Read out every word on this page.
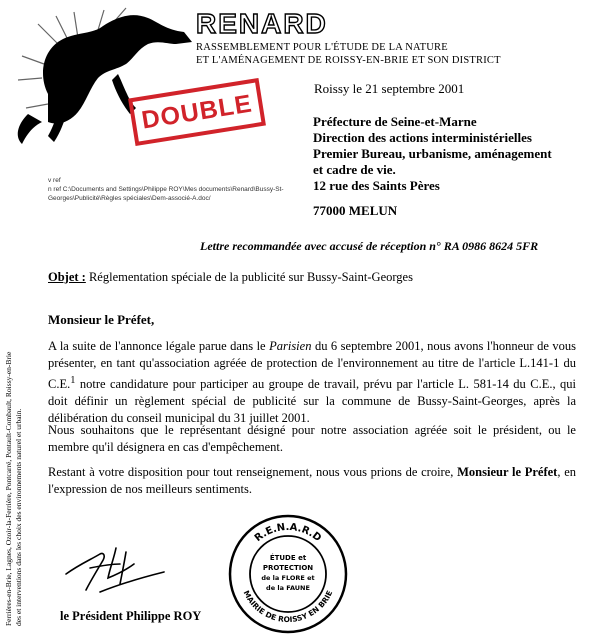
RENARD
RASSEMBLEMENT POUR L'ÉTUDE DE LA NATURE
ET L'AMÉNAGEMENT DE ROISSY-EN-BRIE ET SON DISTRICT
Roissy le 21 septembre 2001
DOUBLE	Préfecture de Seine-et-Marne
Direction des actions interministérielles
Premier Bureau, urbanisme, aménagement
et cadre de vie.
12 rue des Saints Pères
77000 MELUN
v ref
n ref C:\Documents and Settings\Philippe ROY\Mes documents\Renard\Bussy-St-
Georges\Publicité\Règles spéciales\Dem-associé-A.doc/
Lettre recommandée avec accusé de réception n° RA 0986 8624 5FR
Objet : Réglementation spéciale de la publicité sur Bussy-Saint-Georges
Monsieur le Préfet,
A la suite de l'annonce légale parue dans le Parisien du 6 septembre 2001, nous avons l'honneur de vous présenter, en tant qu'association agréée de protection de l'environnement au titre de l'article L.141-1 du C.E.$^1$ notre candidature pour participer au groupe de travail, prévu par l'article L. 581-14 du C.E., qui doit définir un règlement spécial de publicité sur la commune de Bussy-Saint-Georges, après la délibération du conseil municipal du 31 juillet 2001.
Nous souhaitons que le représentant désigné pour notre association agréée soit le président, ou le membre qu'il désignera en cas d'empêchement.
Restant à votre disposition pour tout renseignement, nous vous prions de croire, Monsieur le Préfet, en l'expression de nos meilleurs sentiments.
R.E.N.A.R.D
MAIRIE DE ROISSY EN BRIE
ÉTUDE et
PROTECTION
de la FLORE et
de la FAUNE
le Président Philippe ROY
Ferrières-en-Brie, Lagnes, Ozoir-la-Ferrière, Pontcarré, Pontault-Combault, Roissy-en-Brie des et interventions dans les choix des environnements naturel et urbain.
